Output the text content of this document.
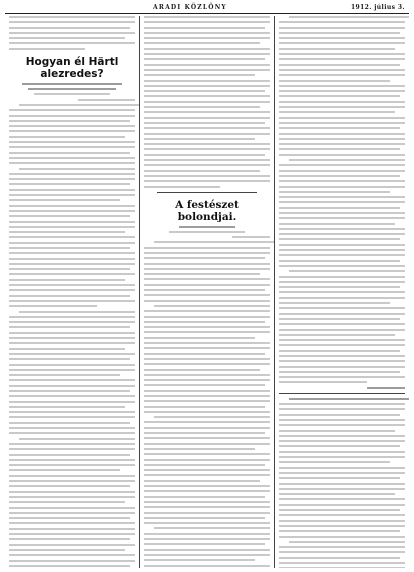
ARADI KÖZLÖNY	1912. július 3.
Hogyan él Härtl alezredes?
A festészet bolondjai.
